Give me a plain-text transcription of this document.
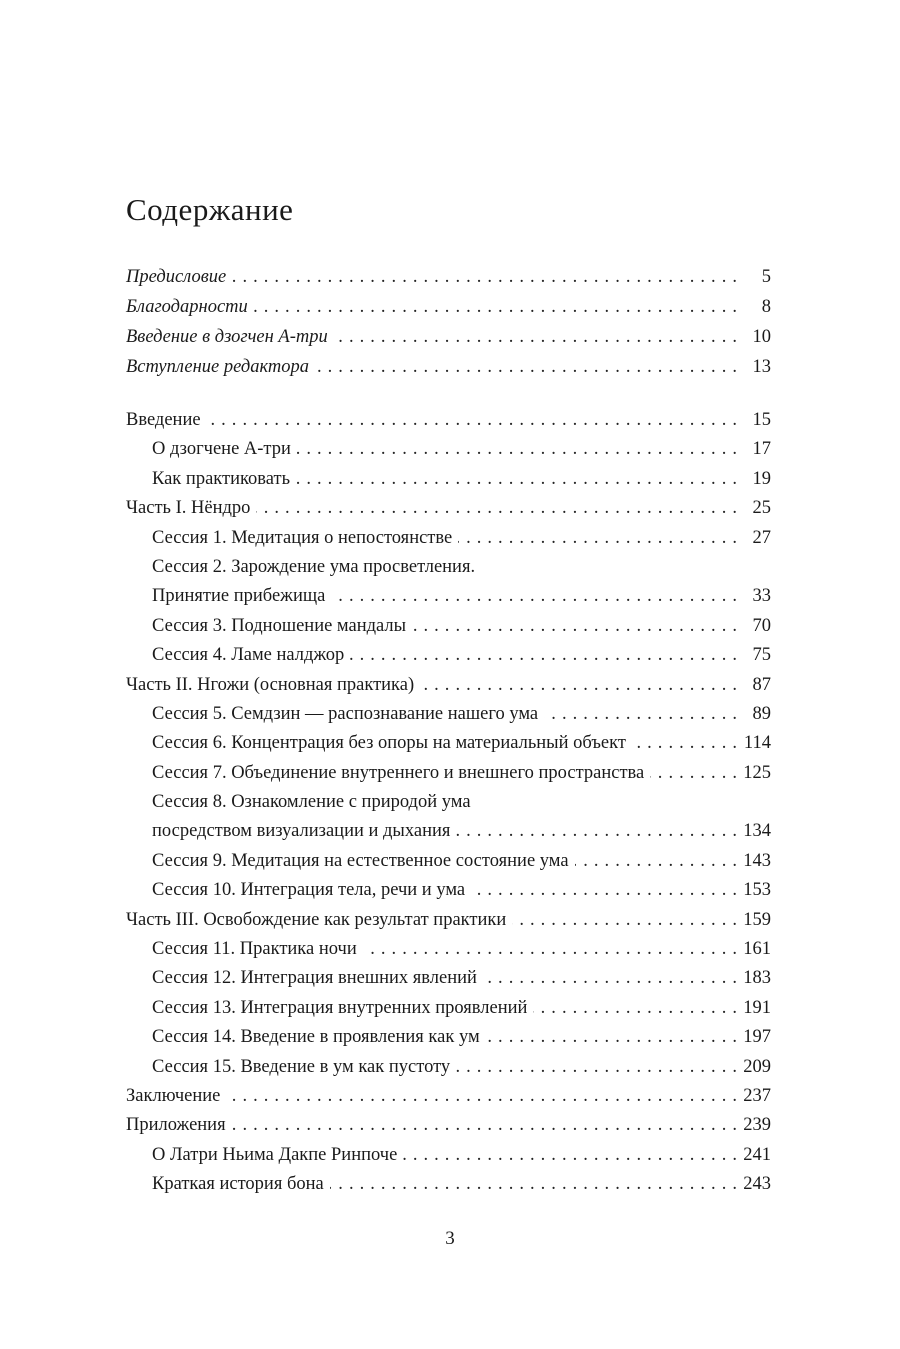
Содержание
Предисловие . . .	5
Благодарности . . .	8
Введение в дзогчен А-три . . .	10
Вступление редактора . . .	13
Введение . . .	15
О дзогчене А-три . . .	17
Как практиковать . . .	19
Часть I. Нёндро . . .	25
Сессия 1. Медитация о непостоянстве . . .	27
Сессия 2. Зарождение ума просветления.
Принятие прибежища . . .	33
Сессия 3. Подношение мандалы . . .	70
Сессия 4. Ламе налджор . . .	75
Часть II. Нгожи (основная практика) . . .	87
Сессия 5. Семдзин — распознавание нашего ума . . .	89
Сессия 6. Концентрация без опоры на материальный объект . . .	114
Сессия 7. Объединение внутреннего и внешнего пространства . . .	125
Сессия 8. Ознакомление с природой ума
посредством визуализации и дыхания . . .	134
Сессия 9. Медитация на естественное состояние ума . . .	143
Сессия 10. Интеграция тела, речи и ума . . .	153
Часть III. Освобождение как результат практики . . .	159
Сессия 11. Практика ночи . . .	161
Сессия 12. Интеграция внешних явлений . . .	183
Сессия 13. Интеграция внутренних проявлений . . .	191
Сессия 14. Введение в проявления как ум . . .	197
Сессия 15. Введение в ум как пустоту . . .	209
Заключение . . .	237
Приложения . . .	239
О Латри Ньима Дакпе Ринпоче . . .	241
Краткая история бона . . .	243
3
